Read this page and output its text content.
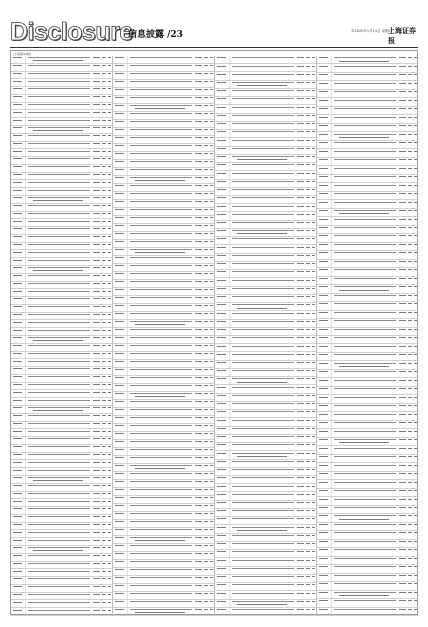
Disclosure
信息披露 /23	©2020年1月11日 星期六
上海证券报
(上接第22版)
